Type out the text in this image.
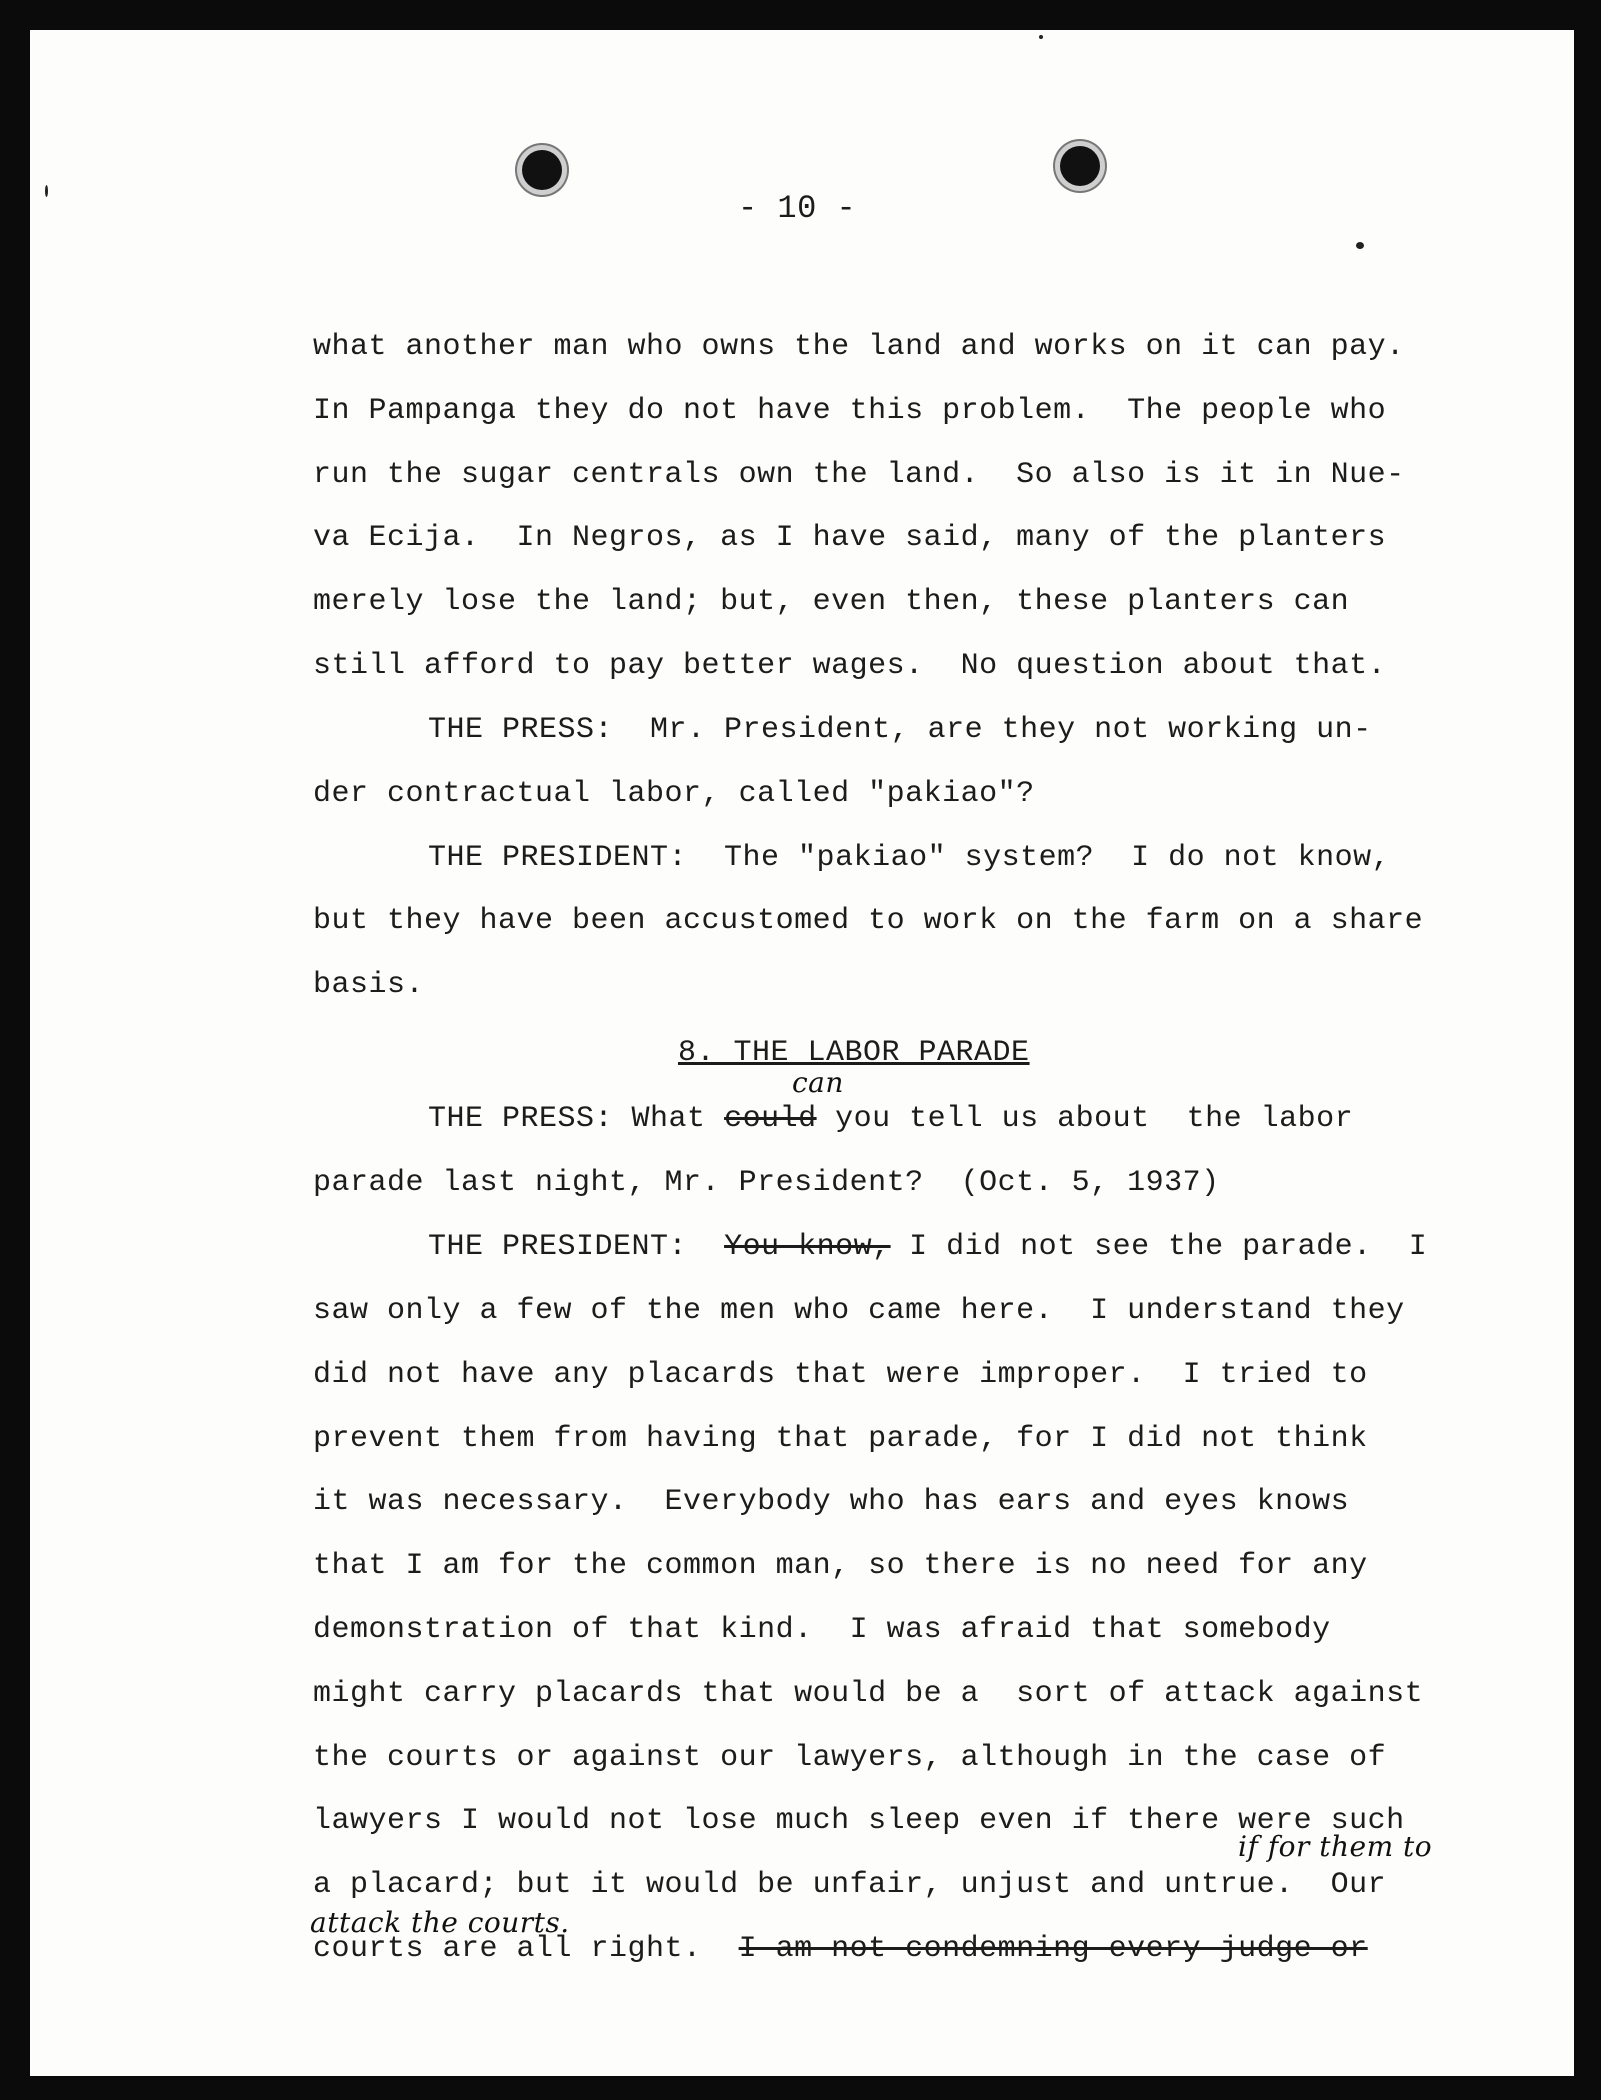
- 10 -
what another man who owns the land and works on it can pay.
In Pampanga they do not have this problem.  The people who
run the sugar centrals own the land.  So also is it in Nue-
va Ecija.  In Negros, as I have said, many of the planters
merely lose the land; but, even then, these planters can
still afford to pay better wages.  No question about that.
THE PRESS:  Mr. President, are they not working un-
der contractual labor, called "pakiao"?
THE PRESIDENT:  The "pakiao" system?  I do not know,
but they have been accustomed to work on the farm on a share
basis.
8. THE LABOR PARADE
THE PRESS: What could you tell us about  the labor
can
parade last night, Mr. President?  (Oct. 5, 1937)
THE PRESIDENT: You know, I did not see the parade.  I
saw only a few of the men who came here.  I understand they
did not have any placards that were improper.  I tried to
prevent them from having that parade, for I did not think
it was necessary.  Everybody who has ears and eyes knows
that I am for the common man, so there is no need for any
demonstration of that kind.  I was afraid that somebody
might carry placards that would be a  sort of attack against
the courts or against our lawyers, although in the case of
lawyers I would not lose much sleep even if there were such
if for them to
a placard; but it would be unfair, unjust and untrue.  Our
attack the courts.
courts are all right. I am not condemning every judge or
